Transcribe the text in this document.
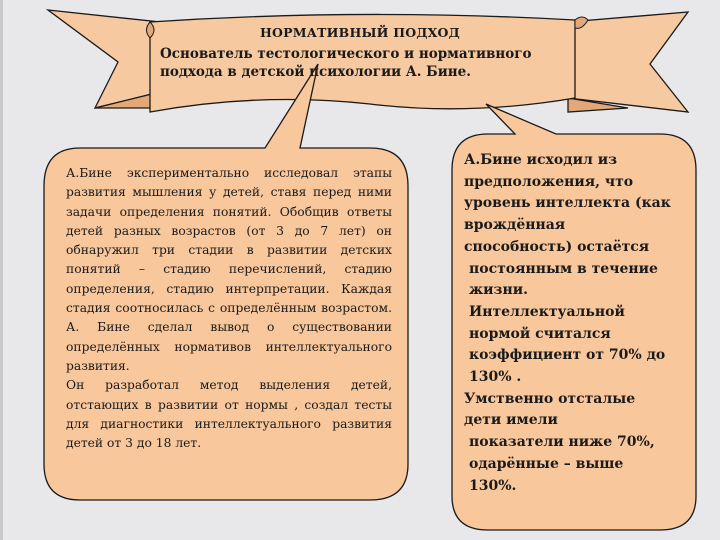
НОРМАТИВНЫЙ ПОДХОД
Основатель тестологического и нормативного подхода в детской психологии А. Бине.

А.Бине экспериментально исследовал этапы развития мышления у детей, ставя перед ними задачи определения понятий. Обобщив ответы детей разных возрастов (от 3 до 7 лет) он обнаружил три стадии в развитии детских понятий – стадию перечислений, стадию определения, стадию интерпретации. Каждая стадия соотносилась с определённым возрастом. А. Бине сделал вывод о существовании определённых нормативов интеллектуального развития.

Он разработал метод выделения детей, отстающих в развитии от нормы , создал тесты для диагностики интеллектуального развития детей от 3 до 18 лет.

А.Бине исходил из предположения, что уровень интеллекта (как врождённая способность) остаётся

постоянным в течение жизни. Интеллектуальной нормой считался коэффициент от 70% до 130% .

Умственно отсталые дети имели

показатели ниже 70%, одарённые – выше 130%.
